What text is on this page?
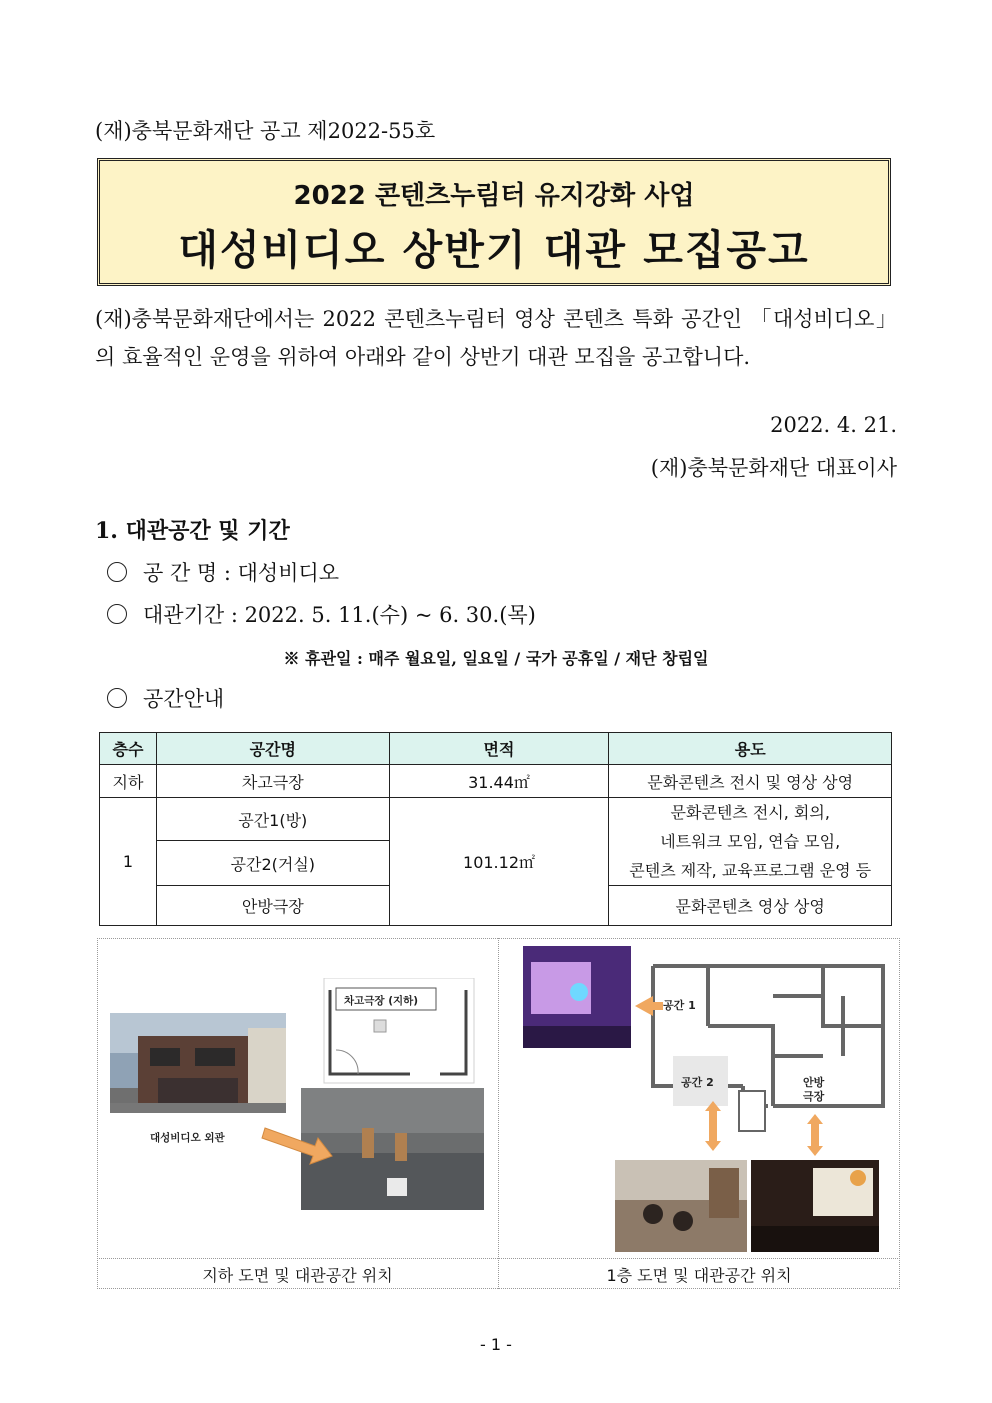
(재)충북문화재단 공고 제2022-55호
2022 콘텐츠누림터 유지강화 사업
대성비디오 상반기 대관 모집공고
(재)충북문화재단에서는 2022 콘텐츠누림터 영상 콘텐츠 특화 공간인 「대성비디오」의 효율적인 운영을 위하여 아래와 같이 상반기 대관 모집을 공고합니다.
2022. 4. 21.
(재)충북문화재단 대표이사
1. 대관공간 및 기간
공 간 명 : 대성비디오
대관기간 : 2022. 5. 11.(수) ~ 6. 30.(목)
※ 휴관일 : 매주 월요일, 일요일 / 국가 공휴일 / 재단 창립일
공간안내
층수	공간명	면적	용도
지하	차고극장	31.44㎡	문화콘텐츠 전시 및 영상 상영
1	공간1(방)	101.12㎡	문화콘텐츠 전시, 회의,
네트워크 모임, 연습 모임,
콘텐츠 제작, 교육프로그램 운영 등

	공간2(거실)		
	안방극장		문화콘텐츠 영상 상영
대성비디오 외관
차고극장 (지하)	공간 1
공간 2	안방
극장
지하 도면 및 대관공간 위치	1층 도면 및 대관공간 위치
- 1 -
